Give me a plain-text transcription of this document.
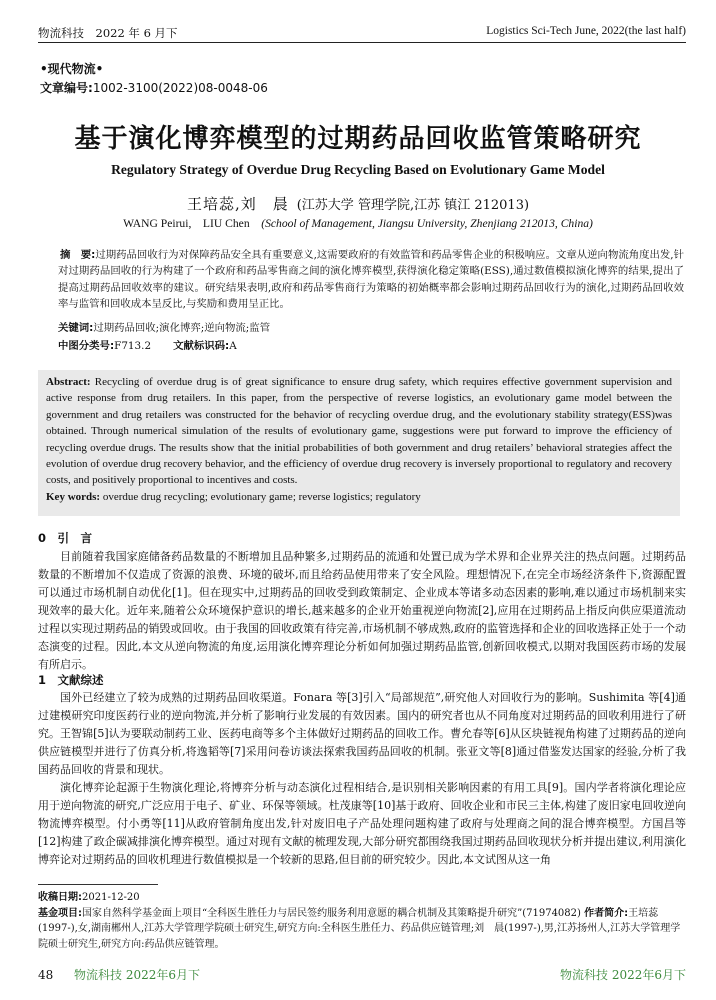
物流科技　2022 年 6 月下	Logistics Sci-Tech June, 2022(the last half)
•现代物流•
文章编号:1002-3100(2022)08-0048-06
基于演化博弈模型的过期药品回收监管策略研究
Regulatory Strategy of Overdue Drug Recycling Based on Evolutionary Game Model
王培蕊,刘　晨 (江苏大学 管理学院,江苏 镇江 212013)
WANG Peirui,　LIU Chen　 (School of Management, Jiangsu University, Zhenjiang 212013, China)
摘　要:过期药品回收行为对保障药品安全具有重要意义,这需要政府的有效监管和药品零售企业的积极响应。文章从逆向物流角度出发,针对过期药品回收的行为构建了一个政府和药品零售商之间的演化博弈模型,获得演化稳定策略(ESS),通过数值模拟演化博弈的结果,提出了提高过期药品回收效率的建议。研究结果表明,政府和药品零售商行为策略的初始概率都会影响过期药品回收行为的演化,过期药品回收效率与监管和回收成本呈反比,与奖励和费用呈正比。
关键词:过期药品回收;演化博弈;逆向物流;监管
中图分类号:F713.2 文献标识码:A
Abstract: Recycling of overdue drug is of great significance to ensure drug safety, which requires effective government supervision and active response from drug retailers. In this paper, from the perspective of reverse logistics, an evolutionary game model between the government and drug retailers was constructed for the behavior of recycling overdue drug, and the evolutionary stability strategy(ESS)was obtained. Through numerical simulation of the results of evolutionary game, suggestions were put forward to improve the efficiency of recycling overdue drugs. The results show that the initial probabilities of both government and drug retailers’ behavioral strategies affect the evolution of overdue drug recovery behavior, and the efficiency of overdue drug recovery is inversely proportional to regulatory and recovery costs, and positively proportional to incentives and costs.
Key words: overdue drug recycling; evolutionary game; reverse logistics; regulatory
0　引　言

目前随着我国家庭储备药品数量的不断增加且品种繁多,过期药品的流通和处置已成为学术界和企业界关注的热点问题。过期药品数量的不断增加不仅造成了资源的浪费、环境的破坏,而且给药品使用带来了安全风险。理想情况下,在完全市场经济条件下,资源配置可以通过市场机制自动优化[1]。但在现实中,过期药品的回收受到政策制定、企业成本等诸多动态因素的影响,难以通过市场机制来实现效率的最大化。近年来,随着公众环境保护意识的增长,越来越多的企业开始重视逆向物流[2],应用在过期药品上指反向供应渠道流动过程以实现过期药品的销毁或回收。由于我国的回收政策有待完善,市场机制不够成熟,政府的监管选择和企业的回收选择正处于一个动态演变的过程。因此,本文从逆向物流的角度,运用演化博弈理论分析如何加强过期药品监管,创新回收模式,以期对我国医药市场的发展有所启示。

1　文献综述

国外已经建立了较为成熟的过期药品回收渠道。Fonara 等[3]引入“局部规范”,研究他人对回收行为的影响。Sushimita 等[4]通过建模研究印度医药行业的逆向物流,并分析了影响行业发展的有效因素。国内的研究者也从不同角度对过期药品的回收利用进行了研究。王智锦[5]认为要联动制药工业、医药电商等多个主体做好过期药品的回收工作。曹允春等[6]从区块链视角构建了过期药品的逆向供应链模型并进行了仿真分析,将逸韬等[7]采用问卷访谈法探索我国药品回收的机制。张亚文等[8]通过借鉴发达国家的经验,分析了我国药品回收的背景和现状。

演化博弈论起源于生物演化理论,将博弈分析与动态演化过程相结合,是识别相关影响因素的有用工具[9]。国内学者将演化理论应用于逆向物流的研究,广泛应用于电子、矿业、环保等领域。杜茂康等[10]基于政府、回收企业和市民三主体,构建了废旧家电回收逆向物流博弈模型。付小勇等[11]从政府管制角度出发,针对废旧电子产品处理问题构建了政府与处理商之间的混合博弈模型。方国昌等[12]构建了政企碳减排演化博弈模型。通过对现有文献的梳理发现,大部分研究都围绕我国过期药品回收现状分析并提出建议,利用演化博弈论对过期药品的回收机理进行数值模拟是一个较新的思路,但目前的研究较少。因此,本文试图从这一角

收稿日期:2021-12-20
基金项目:国家自然科学基金面上项目“全科医生胜任力与居民签约服务利用意愿的耦合机制及其策略提升研究”(71974082) 作者简介:王培蕊(1997-),女,湖南郴州人,江苏大学管理学院硕士研究生,研究方向:全科医生胜任力、药品供应链管理;刘　晨(1997-),男,江苏扬州人,江苏大学管理学院硕士研究生,研究方向:药品供应链管理。
48	物流科技 2022年6月下	物流科技 2022年6月下
